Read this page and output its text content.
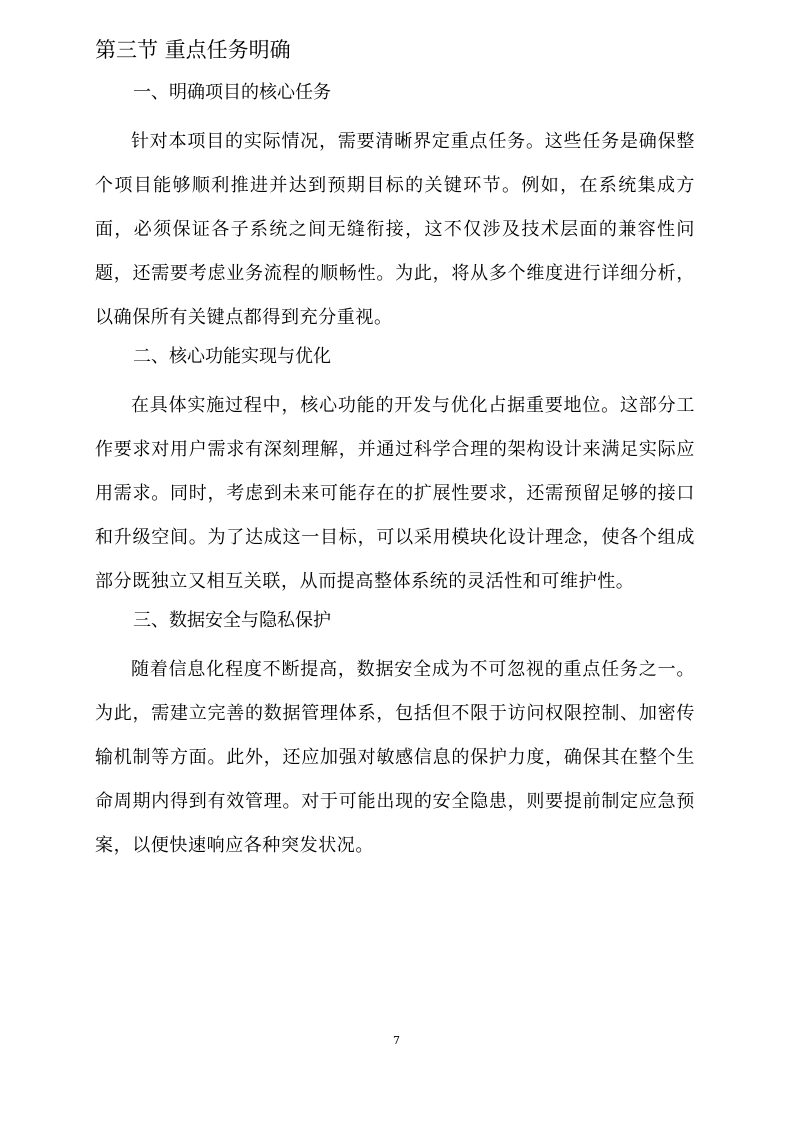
第三节 重点任务明确
一、明确项目的核心任务

针对本项目的实际情况，需要清晰界定重点任务。这些任务是确保整个项目能够顺利推进并达到预期目标的关键环节。例如，在系统集成方面，必须保证各子系统之间无缝衔接，这不仅涉及技术层面的兼容性问题，还需要考虑业务流程的顺畅性。为此，将从多个维度进行详细分析，以确保所有关键点都得到充分重视。

二、核心功能实现与优化

在具体实施过程中，核心功能的开发与优化占据重要地位。这部分工作要求对用户需求有深刻理解，并通过科学合理的架构设计来满足实际应用需求。同时，考虑到未来可能存在的扩展性要求，还需预留足够的接口和升级空间。为了达成这一目标，可以采用模块化设计理念，使各个组成部分既独立又相互关联，从而提高整体系统的灵活性和可维护性。

三、数据安全与隐私保护

随着信息化程度不断提高，数据安全成为不可忽视的重点任务之一。为此，需建立完善的数据管理体系，包括但不限于访问权限控制、加密传输机制等方面。此外，还应加强对敏感信息的保护力度，确保其在整个生命周期内得到有效管理。对于可能出现的安全隐患，则要提前制定应急预案，以便快速响应各种突发状况。

7
